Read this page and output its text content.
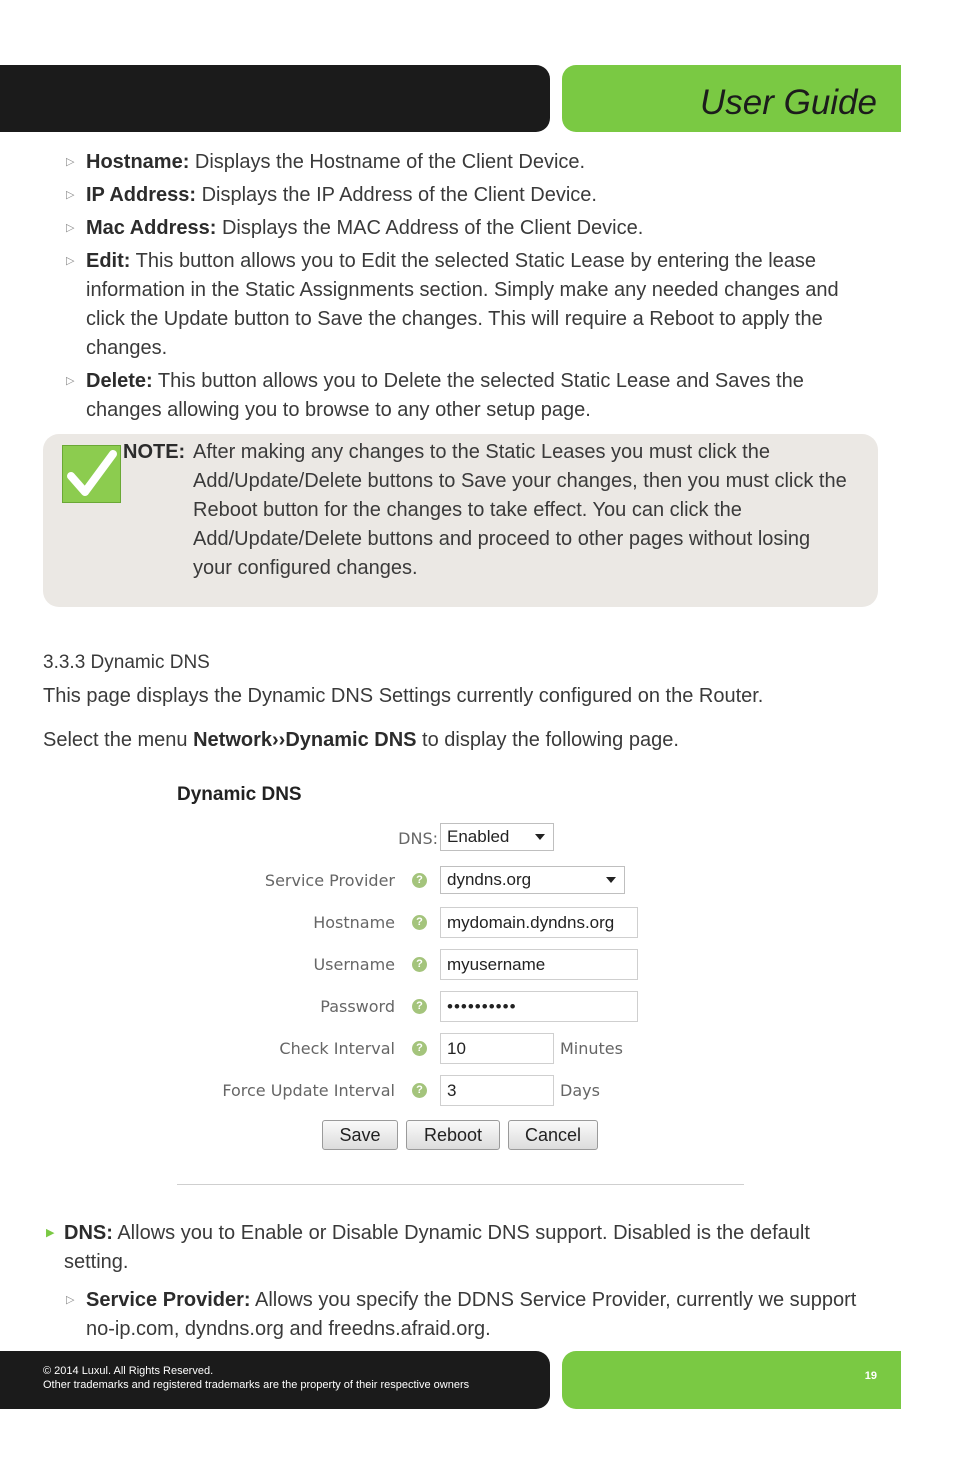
User Guide
▷ Hostname: Displays the Hostname of the Client Device.
▷ IP Address: Displays the IP Address of the Client Device.
▷ Mac Address: Displays the MAC Address of the Client Device.
▷ Edit: This button allows you to Edit the selected Static Lease by entering the lease information in the Static Assignments section. Simply make any needed changes and click the Update button to Save the changes. This will require a Reboot to apply the changes.
▷ Delete: This button allows you to Delete the selected Static Lease and Saves the changes allowing you to browse to any other setup page.
NOTE: After making any changes to the Static Leases you must click the Add/Update/Delete buttons to Save your changes, then you must click the Reboot button for the changes to take effect. You can click the Add/Update/Delete buttons and proceed to other pages without losing your configured changes.
3.3.3 Dynamic DNS
This page displays the Dynamic DNS Settings currently configured on the Router.
Select the menu Network››Dynamic DNS to display the following page.
Dynamic DNS
DNS: Enabled
Service Provider	?	dyndns.org
Hostname	?	mydomain.dyndns.org
Username	?	myusername
Password	?	••••••••••
Check Interval	?	10	Minutes
Force Update Interval	?	3	Days
Save	Reboot	Cancel
▶ DNS: Allows you to Enable or Disable Dynamic DNS support. Disabled is the default setting.
▷ Service Provider: Allows you specify the DDNS Service Provider, currently we support no-ip.com, dyndns.org and freedns.afraid.org.
© 2014 Luxul. All Rights Reserved.
Other trademarks and registered trademarks are the property of their respective owners
19
